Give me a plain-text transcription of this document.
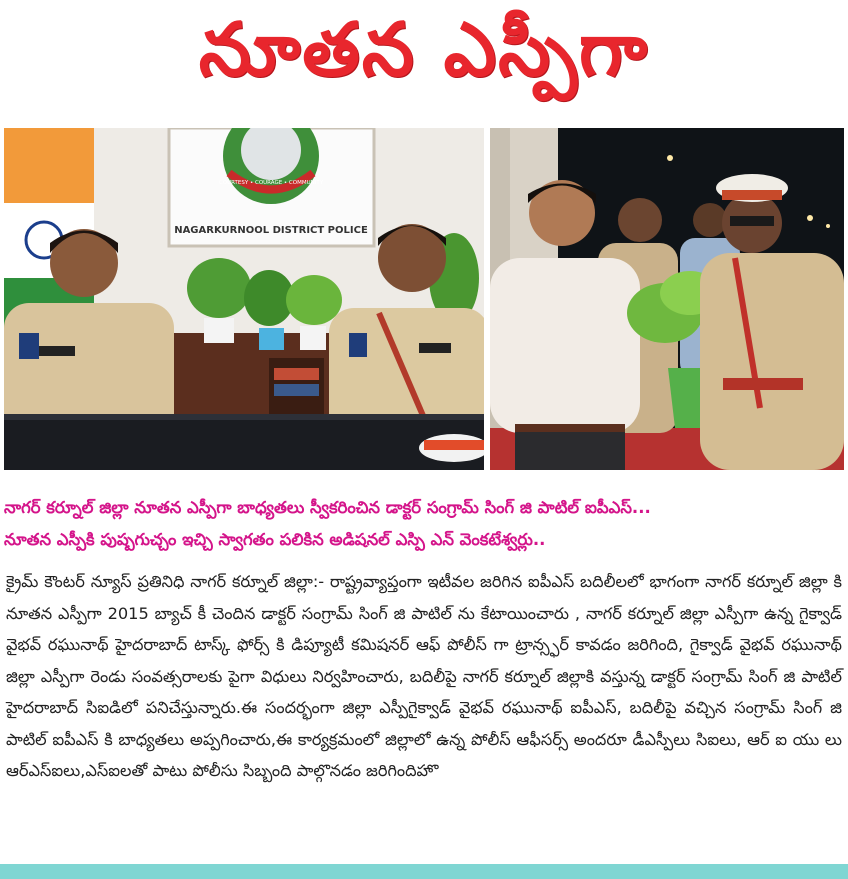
నూతన ఎస్పీగా
COURTESY • COURAGE • COMMUNITY
NAGARKURNOOL DISTRICT POLICE
నాగర్ కర్నూల్ జిల్లా నూతన ఎస్పీగా బాధ్యతలు స్వీకరించిన డాక్టర్ సంగ్రామ్ సింగ్ జి పాటిల్ ఐపీఎస్...
నూతన ఎస్పీకి పుష్పగుచ్చం ఇచ్చి స్వాగతం పలికిన అడిషనల్ ఎస్పి ఎన్ వెంకటేశ్వర్లు..
క్రైమ్ కౌంటర్ న్యూస్ ప్రతినిధి నాగర్ కర్నూల్ జిల్లా:- రాష్ట్రవ్యాప్తంగా ఇటీవల జరిగిన ఐపీఎస్ బదిలీలలో భాగంగా నాగర్ కర్నూల్ జిల్లా కి నూతన ఎస్పీగా 2015 బ్యాచ్ కీ చెందిన డాక్టర్ సంగ్రామ్ సింగ్ జి పాటిల్ ను కేటాయించారు , నాగర్ కర్నూల్ జిల్లా ఎస్పీగా ఉన్న గైక్వాడ్ వైభవ్ రఘునాథ్ హైదరాబాద్ టాస్క్ ఫోర్స్ కి డిప్యూటీ కమిషనర్ ఆఫ్ పోలీస్ గా ట్రాన్స్ఫర్ కావడం జరిగింది, గైక్వాడ్ వైభవ్ రఘునాథ్ జిల్లా ఎస్పీగా రెండు సంవత్సరాలకు పైగా విధులు నిర్వహించారు, బదిలీపై నాగర్ కర్నూల్ జిల్లాకి వస్తున్న డాక్టర్ సంగ్రామ్ సింగ్ జి పాటిల్ హైదరాబాద్ సిఐడిలో పనిచేస్తున్నారు.ఈ సందర్భంగా జిల్లా ఎస్పీగైక్వాడ్ వైభవ్ రఘునాథ్ ఐపీఎస్, బదిలీపై వచ్చిన సంగ్రామ్ సింగ్ జి పాటిల్ ఐపీఎస్ కి బాధ్యతలు అప్పగించారు,ఈ కార్యక్రమంలో జిల్లాలో ఉన్న పోలీస్ ఆఫీసర్స్ అందరూ డీఎస్పీలు సిఐలు, ఆర్ ఐ యు లు ఆర్ఎస్ఐలు,ఎస్ఐలతో పాటు పోలీసు సిబ్బంది పాల్గొనడం జరిగిందిహొ
